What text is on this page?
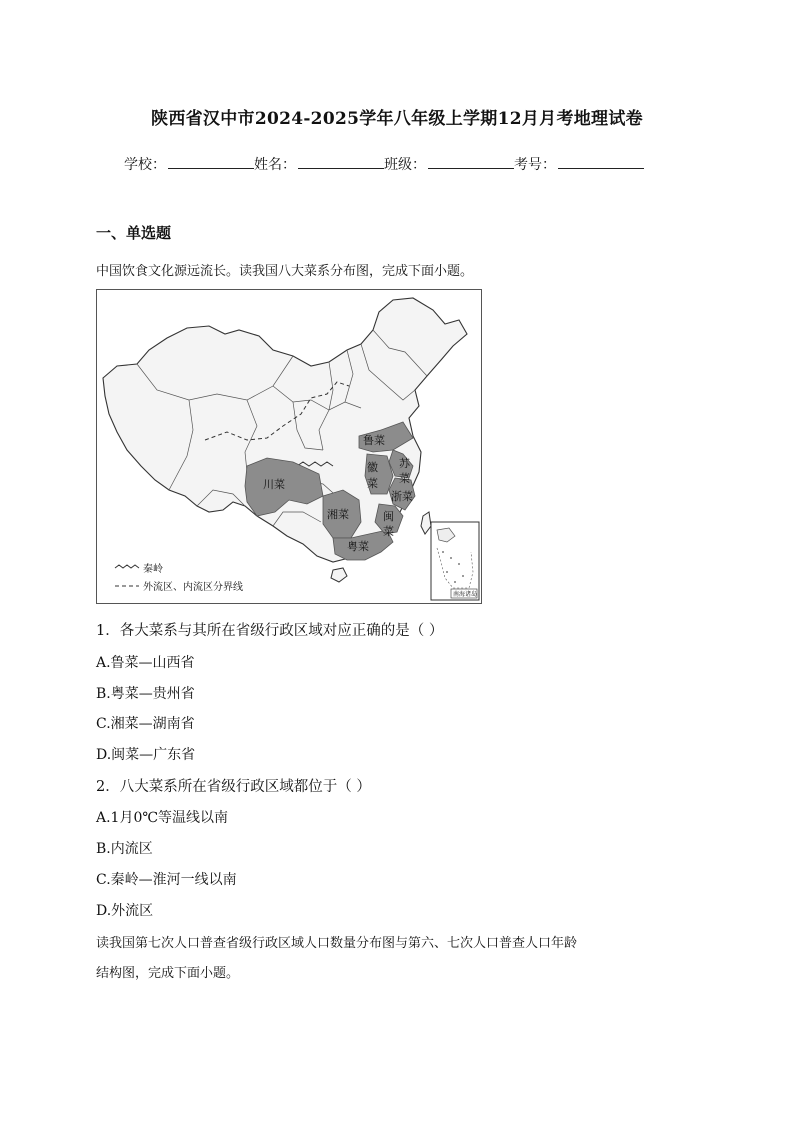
陕西省汉中市2024-2025学年八年级上学期12月月考地理试卷
学校：	姓名：	班级：	考号：
一、单选题
中国饮食文化源远流长。读我国八大菜系分布图，完成下面小题。
鲁菜
苏
菜
徽
菜
浙菜
闽
菜
川菜
湘菜
粤菜
秦岭
外流区、内流区分界线
南海诸岛
1．各大菜系与其所在省级行政区域对应正确的是（ ）
A.鲁菜—山西省
B.粤菜—贵州省
C.湘菜—湖南省
D.闽菜—广东省
2．八大菜系所在省级行政区域都位于（ ）
A.1月0℃等温线以南
B.内流区
C.秦岭—淮河一线以南
D.外流区
读我国第七次人口普查省级行政区域人口数量分布图与第六、七次人口普查人口年龄
结构图，完成下面小题。
